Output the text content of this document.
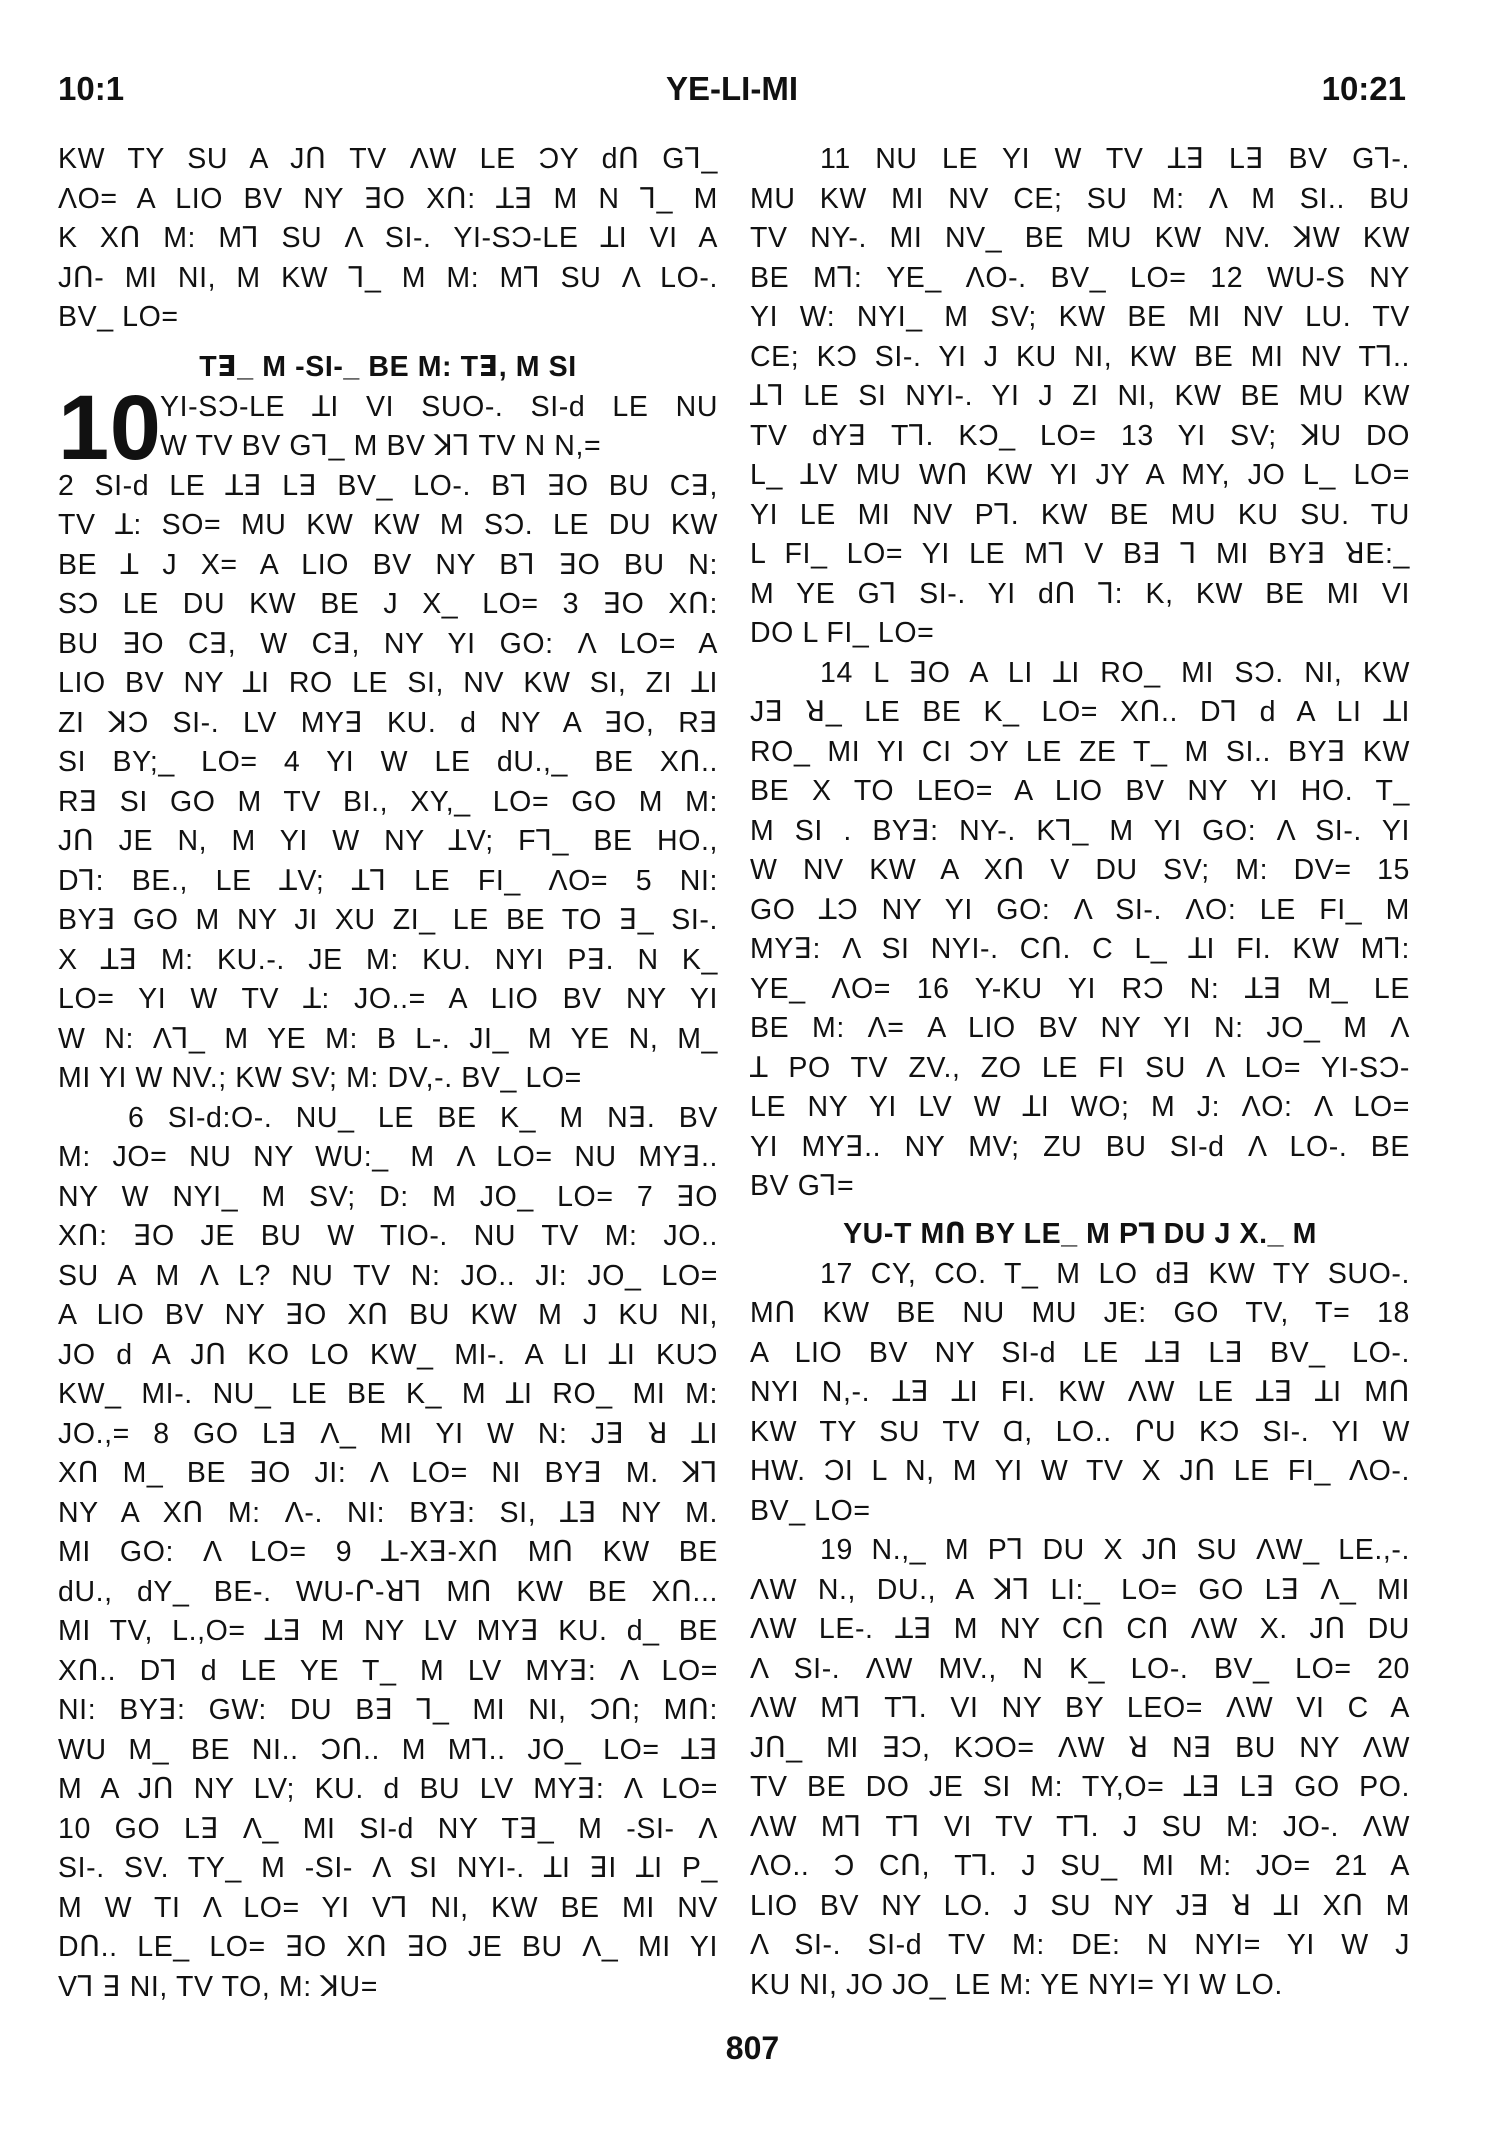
10:1	YE-LI-MI	10:21
KW TY SU A JՈ TV ΛW LE ƆY dՈ Gꓶ_
ΛO= A LIO BV NY ꓱO XՈ: ꓕꓱ M N ꓶ_ M
K XՈ M: Mꓶ SU Λ SI-. YI-SƆ-LE ꓕI VI A
JՈ- MI NI, M KW ꓶ_ M M: Mꓶ SU Λ LO-.
BV_ LO=
Tꓱ_ M -SI-_ BE M: Tꓱ, M SI
10
YI-SƆ-LE ꓕI VI SUO-. SI-d LE NU
W TV BV Gꓶ_ M BV ꓘꓶ TV N N,=
2 SI-d LE ꓕꓱ Lꓱ BV_ LO-. Bꓶ ꓱO BU Cꓱ,
TV ꓕ: SO= MU KW KW M SƆ. LE DU KW
BE ꓕ J X= A LIO BV NY Bꓶ ꓱO BU N:
SƆ LE DU KW BE J X_ LO= 3 ꓱO XՈ:
BU ꓱO Cꓱ, W Cꓱ, NY YI GO: Λ LO= A
LIO BV NY ꓕI RO LE SI, NV KW SI, ZI ꓕI
ZI ꓘƆ SI-. LV MYꓱ KU. d NY A ꓱO, Rꓱ
SI BY;_ LO= 4 YI W LE dU.,_ BE XՈ..
Rꓱ SI GO M TV BI., XY,_ LO= GO M M:
JՈ JE N, M YI W NY ꓕV; Fꓶ_ BE HO.,
Dꓶ: BE., LE ꓕV; ꓕꓶ LE FI_ ΛO= 5 NI:
BYꓱ GO M NY JI XU ZI_ LE BE TO ꓱ_ SI-.
X ꓕꓱ M: KU.-. JE M: KU. NYI Pꓱ. N K_
LO= YI W TV ꓕ: JO..= A LIO BV NY YI
W N: Λꓶ_ M YE M: B L-. JI_ M YE N, M_
MI YI W NV.; KW SV; M: DV,-. BV_ LO=
6 SI-d:O-. NU_ LE BE K_ M Nꓱ. BV
M: JO= NU NY WU:_ M Λ LO= NU MYꓱ..
NY W NYI_ M SV; D: M JO_ LO= 7 ꓱO
XՈ: ꓱO JE BU W TIO-. NU TV M: JO..
SU A M Λ L? NU TV N: JO.. JI: JO_ LO=
A LIO BV NY ꓱO XՈ BU KW M J KU NI,
JO d A JՈ KO LO KW_ MI-. A LI ꓕI KUƆ
KW_ MI-. NU_ LE BE K_ M ꓕI RO_ MI M:
JO.,= 8 GO Lꓱ Λ_ MI YI W N: Jꓱ ꓤ ꓕI
XՈ M_ BE ꓱO JI: Λ LO= NI BYꓱ M. ꓘꓶ
NY A XՈ M: Λ-. NI: BYꓱ: SI, ꓕꓱ NY M.
MI GO: Λ LO= 9 ꓕ-Xꓱ-XՈ MՈ KW BE
dU., dY_ BE-. WU-Ր-ꓤꓶ MՈ KW BE XՈ...
MI TV, L.,O= ꓕꓱ M NY LV MYꓱ KU. d_ BE
XՈ.. Dꓶ d LE YE T_ M LV MYꓱ: Λ LO=
NI: BYꓱ: GW: DU Bꓱ ꓶ_ MI NI, ƆՈ; MՈ:
WU M_ BE NI.. ƆՈ.. M Mꓶ.. JO_ LO= ꓕꓱ
M A JՈ NY LV; KU. d BU LV MYꓱ: Λ LO=
10 GO Lꓱ Λ_ MI SI-d NY Tꓱ_ M -SI- Λ
SI-. SV. TY_ M -SI- Λ SI NYI-. ꓕI ꓱI ꓕI P_
M W TI Λ LO= YI Vꓶ NI, KW BE MI NV
DՈ.. LE_ LO= ꓱO XՈ ꓱO JE BU Λ_ MI YI
Vꓶ ꓱ NI, TV TO, M: ꓘU=
11 NU LE YI W TV ꓕꓱ Lꓱ BV Gꓶ-.
MU KW MI NV CE; SU M: Λ M SI.. BU
TV NY-. MI NV_ BE MU KW NV. ꓘW KW
BE Mꓶ: YE_ ΛO-. BV_ LO= 12 WU-S NY
YI W: NYI_ M SV; KW BE MI NV LU. TV
CE; KƆ SI-. YI J KU NI, KW BE MI NV Tꓶ..
ꓕꓶ LE SI NYI-. YI J ZI NI, KW BE MU KW
TV dYꓱ Tꓶ. KƆ_ LO= 13 YI SV; ꓘU DO
L_ ꓕV MU WՈ KW YI JY A MY, JO L_ LO=
YI LE MI NV Pꓶ. KW BE MU KU SU. TU
L FI_ LO= YI LE Mꓶ V Bꓱ ꓶ MI BYꓱ ꓤE:_
M YE Gꓶ SI-. YI dՈ ꓶ: K, KW BE MI VI
DO L FI_ LO=
14 L ꓱO A LI ꓕI RO_ MI SƆ. NI, KW
Jꓱ ꓤ_ LE BE K_ LO= XՈ.. Dꓶ d A LI ꓕI
RO_ MI YI CI ƆY LE ZE T_ M SI.. BYꓱ KW
BE X TO LEO= A LIO BV NY YI HO. T_
M SI . BYꓱ: NY-. Kꓶ_ M YI GO: Λ SI-. YI
W NV KW A XՈ V DU SV; M: DV= 15
GO ꓕƆ NY YI GO: Λ SI-. ΛO: LE FI_ M
MYꓱ: Λ SI NYI-. CՈ. C L_ ꓕI FI. KW Mꓶ:
YE_ ΛO= 16 Y-KU YI RƆ N: ꓕꓱ M_ LE
BE M: Λ= A LIO BV NY YI N: JO_ M Λ
ꓕ PO TV ZV., ZO LE FI SU Λ LO= YI-SƆ-
LE NY YI LV W ꓕI WO; M J: ΛO: Λ LO=
YI MYꓱ.. NY MV; ZU BU SI-d Λ LO-. BE
BV Gꓶ=
YU-T MՈ BY LE_ M Pꓶ DU J X._ M
17 CY, CO. T_ M LO dꓱ KW TY SUO-.
MՈ KW BE NU MU JE: GO TV, T= 18
A LIO BV NY SI-d LE ꓕꓱ Lꓱ BV_ LO-.
NYI N,-. ꓕꓱ ꓕI FI. KW ΛW LE ꓕꓱ ꓕI MՈ
KW TY SU TV Ɑ, LO.. ՐU KƆ SI-. YI W
HW. ƆI L N, M YI W TV X JՈ LE FI_ ΛO-.
BV_ LO=
19 N.,_ M Pꓶ DU X JՈ SU ΛW_ LE.,-.
ΛW N., DU., A ꓘꓶ LI:_ LO= GO Lꓱ Λ_ MI
ΛW LE-. ꓕꓱ M NY CՈ CՈ ΛW X. JՈ DU
Λ SI-. ΛW MV., N K_ LO-. BV_ LO= 20
ΛW Mꓶ Tꓶ. VI NY BY LEO= ΛW VI C A
JՈ_ MI ꓱƆ, KƆO= ΛW ꓤ Nꓱ BU NY ΛW
TV BE DO JE SI M: TY,O= ꓕꓱ Lꓱ GO PO.
ΛW Mꓶ Tꓶ VI TV Tꓶ. J SU M: JO-. ΛW
ΛO.. Ɔ CՈ, Tꓶ. J SU_ MI M: JO= 21 A
LIO BV NY LO. J SU NY Jꓱ ꓤ ꓕI XՈ M
Λ SI-. SI-d TV M: DE: N NYI= YI W J
KU NI, JO JO_ LE M: YE NYI= YI W LO.
807
